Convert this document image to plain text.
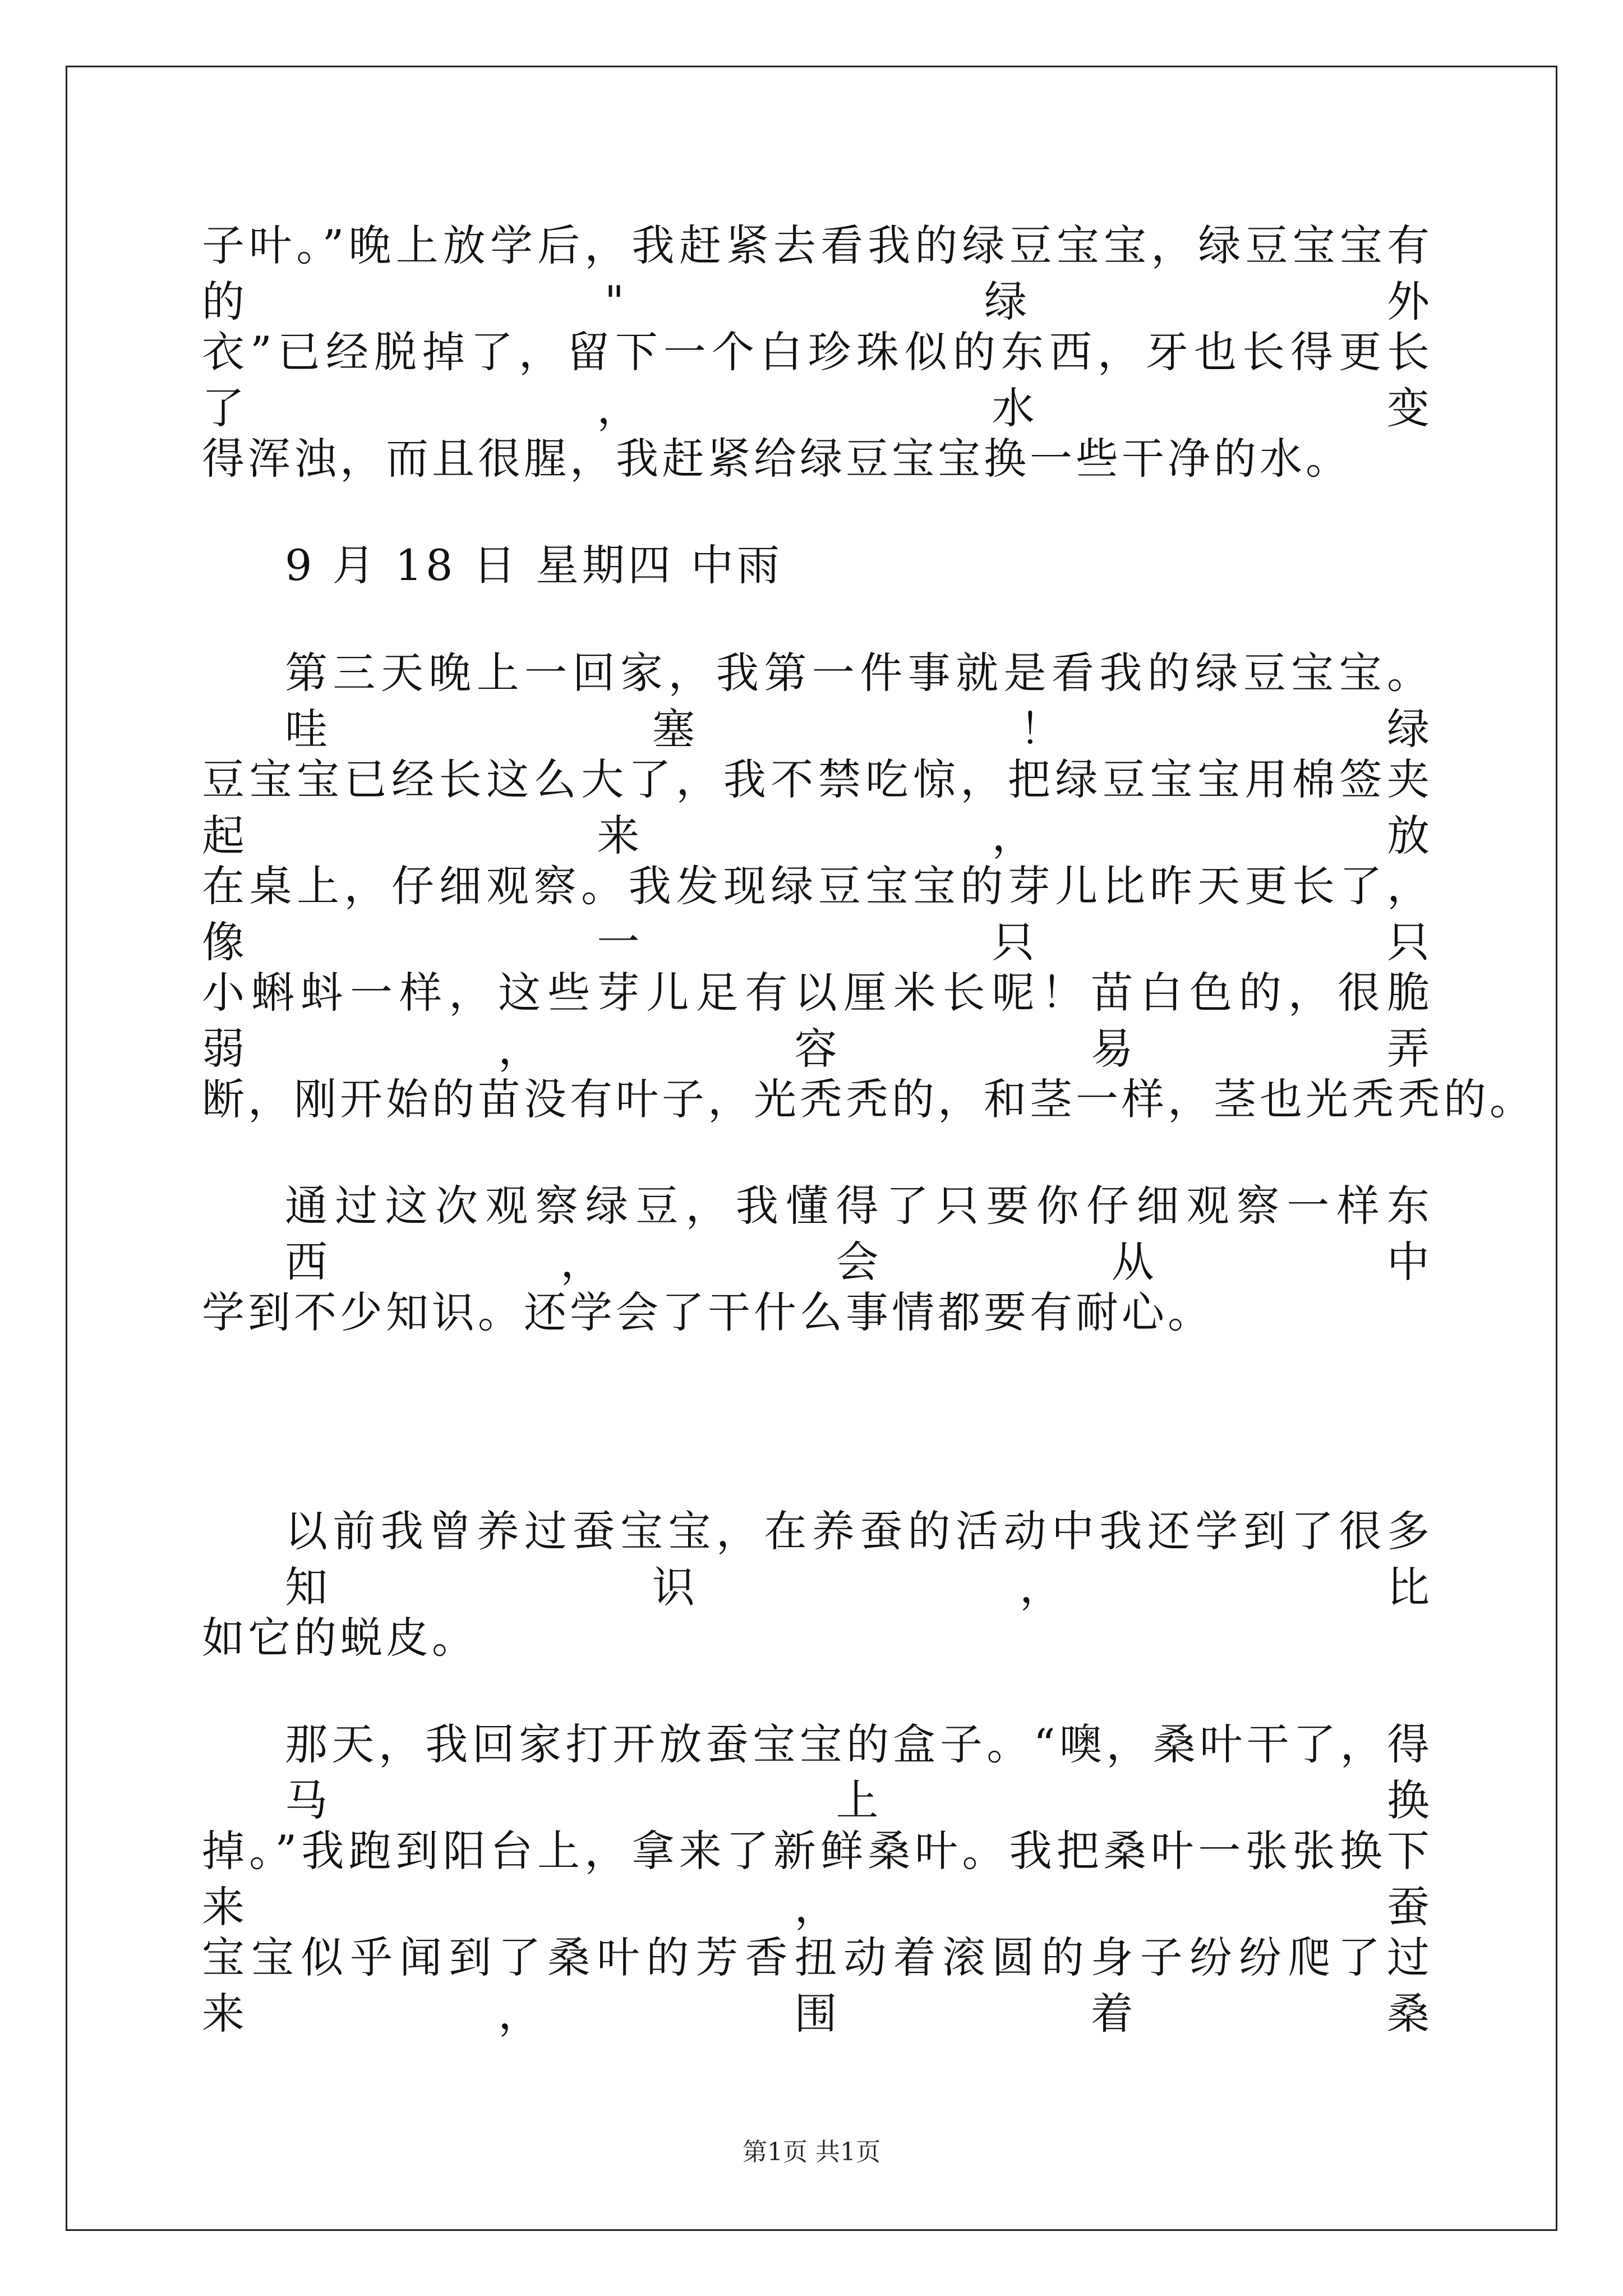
子叶。”晚上放学后，我赶紧去看我的绿豆宝宝，绿豆宝宝有的"绿外
衣”已经脱掉了，留下一个白珍珠似的东西，牙也长得更长了，水变
得浑浊，而且很腥，我赶紧给绿豆宝宝换一些干净的水。
9 月 18 日 星期四 中雨
第三天晚上一回家，我第一件事就是看我的绿豆宝宝。哇塞！绿
豆宝宝已经长这么大了，我不禁吃惊，把绿豆宝宝用棉签夹起来，放
在桌上，仔细观察。我发现绿豆宝宝的芽儿比昨天更长了，像一只只
小蝌蚪一样，这些芽儿足有以厘米长呢！苗白色的，很脆弱，容易弄
断，刚开始的苗没有叶子，光秃秃的，和茎一样，茎也光秃秃的。
通过这次观察绿豆，我懂得了只要你仔细观察一样东西，会从中
学到不少知识。还学会了干什么事情都要有耐心。
以前我曾养过蚕宝宝，在养蚕的活动中我还学到了很多知识，比
如它的蜕皮。
那天，我回家打开放蚕宝宝的盒子。“噢，桑叶干了，得马上换
掉。”我跑到阳台上，拿来了新鲜桑叶。我把桑叶一张张换下来，蚕
宝宝似乎闻到了桑叶的芳香扭动着滚圆的身子纷纷爬了过来，围着桑
第1页 共1页
